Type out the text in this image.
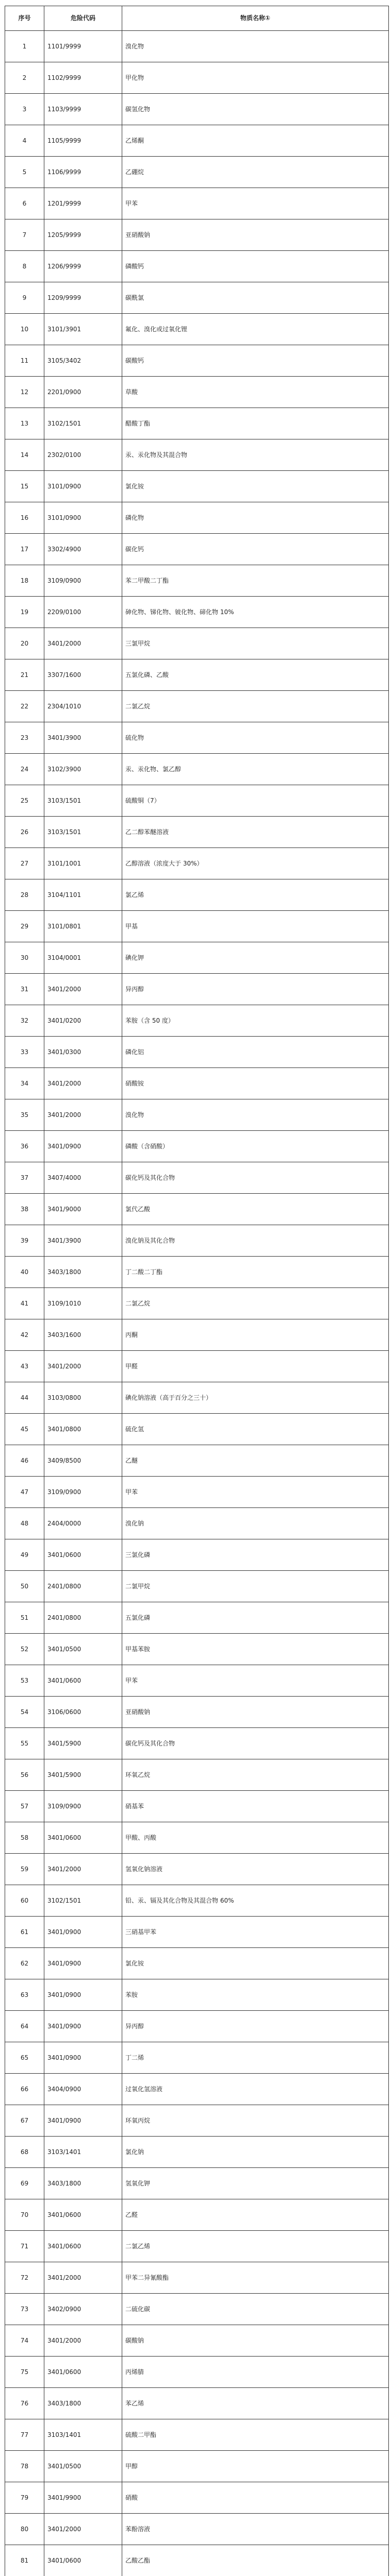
序号	危险代码	物质名称①
1	1101/9999	溴化物
2	1102/9999	甲化物
3	1103/9999	碳氢化物
4	1105/9999	乙烯酮
5	1106/9999	乙硼烷
6	1201/9999	甲苯
7	1205/9999	亚硝酸钠
8	1206/9999	磷酸钙
9	1209/9999	碳酰氯
10	3101/3901	氟化、溴化或过氧化锂
11	3105/3402	碳酸钙
12	2201/0900	草酸
13	3102/1501	醋酸丁酯
14	2302/0100	汞、汞化物及其混合物
15	3101/0900	氯化铵
16	3101/0900	磷化物
17	3302/4900	碳化钙
18	3109/0900	苯二甲酸二丁酯
19	2209/0100	砷化物、锑化物、铍化物、碲化物 10%
20	3401/2000	三氯甲烷
21	3307/1600	五氯化磷、乙酸
22	2304/1010	二氯乙烷
23	3401/3900	硫化物
24	3102/3900	汞、汞化物、氯乙醇
25	3103/1501	硫酸铜（7）
26	3103/1501	乙二醇苯醚溶液
27	3101/1001	乙醇溶液（浓度大于 30%）
28	3104/1101	氯乙烯
29	3101/0801	甲基
30	3104/0001	碘化钾
31	3401/2000	异丙醇
32	3401/0200	苯胺（含 50 度）
33	3401/0300	磷化铝
34	3401/2000	硝酸铵
35	3401/2000	溴化物
36	3401/0900	磷酸（含硝酸）
37	3407/4000	碳化钙及其化合物
38	3401/9000	氯代乙酸
39	3401/3900	溴化钠及其化合物
40	3403/1800	丁二酸二丁酯
41	3109/1010	二氯乙烷
42	3403/1600	丙酮
43	3401/2000	甲醛
44	3103/0800	碘化钠溶液（高于百分之三十）
45	3401/0800	硫化氢
46	3409/8500	乙醚
47	3109/0900	甲苯
48	2404/0000	溴化钠
49	3401/0600	三氯化磷
50	2401/0800	二氯甲烷
51	2401/0800	五氯化磷
52	3401/0500	甲基苯胺
53	3401/0600	甲苯
54	3106/0600	亚硝酸钠
55	3401/5900	碳化钙及其化合物
56	3401/5900	环氧乙烷
57	3109/0900	硝基苯
58	3401/0600	甲酸、丙酸
59	3401/2000	氢氧化钠溶液
60	3102/1501	铅、汞、镉及其化合物及其混合物 60%
61	3401/0900	三硝基甲苯
62	3401/0900	氯化铵
63	3401/0900	苯胺
64	3401/0900	异丙醇
65	3401/0900	丁二烯
66	3404/0900	过氧化氢溶液
67	3401/0900	环氧丙烷
68	3103/1401	氯化钠
69	3403/1800	氢氧化钾
70	3401/0600	乙醛
71	3401/0600	二氯乙烯
72	3401/2000	甲苯二异氰酸酯
73	3402/0900	二硫化碳
74	3401/2000	碳酸钠
75	3401/0600	丙烯腈
76	3403/1800	苯乙烯
77	3103/1401	硫酸二甲酯
78	3401/0500	甲醇
79	3401/9900	硝酸
80	3401/2000	苯酚溶液
81	3401/0600	乙酸乙酯
